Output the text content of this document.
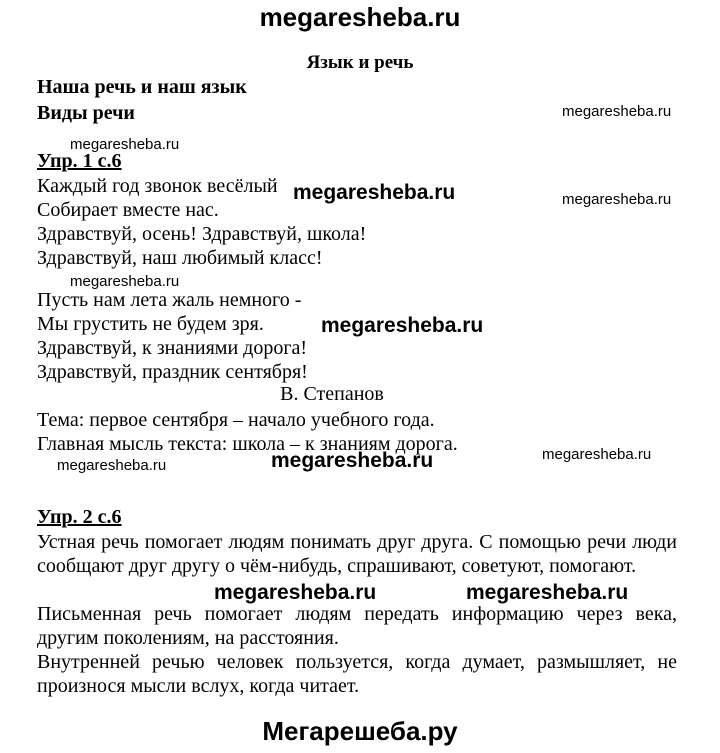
megaresheba.ru
Язык и речь
Наша речь и наш язык
Виды речи
Упр. 1 с.6
Каждый год звонок весёлый
Собирает вместе нас.
Здравствуй, осень! Здравствуй, школа!
Здравствуй, наш любимый класс!
Пусть нам лета жаль немного -
Мы грустить не будем зря.
Здравствуй, к знаниями дорога!
Здравствуй, праздник сентября!
В. Степанов
Тема: первое сентября – начало учебного года.
Главная мысль текста: школа – к знаниям дорога.
Упр. 2 с.6

Устная речь помогает людям понимать друг друга. С помощью речи люди сообщают друг другу о чём-нибудь, спрашивают, советуют, помогают.

Письменная речь помогает людям передать информацию через века, другим поколениям, на расстояния.

Внутренней речью человек пользуется, когда думает, размышляет, не произнося мысли вслух, когда читает.

megaresheba.ru
megaresheba.ru
megaresheba.ru
megaresheba.ru
megaresheba.ru
megaresheba.ru
megaresheba.ru
megaresheba.ru
megaresheba.ru
megaresheba.ru	megaresheba.ru
Мегарешеба.ру
